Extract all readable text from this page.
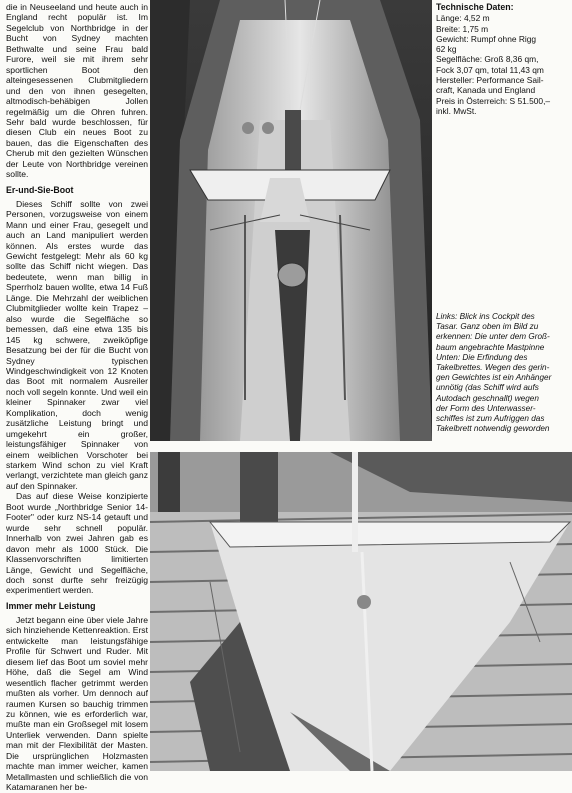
die in Neuseeland und heute auch in England recht populär ist. Im Segelclub von Northbridge in der Bucht von Sydney machten Bethwalte und seine Frau bald Furore, weil sie mit ihrem sehr sportlichen Boot den alteingesessenen Clubmitgliedern und den von ihnen gesegelten, altmodisch-behäbigen Jollen regelmäßig um die Ohren fuhren. Sehr bald wurde beschlossen, für diesen Club ein neues Boot zu bauen, das die Eigenschaften des Cherub mit den gezielten Wünschen der Leute von Northbridge vereinen sollte.

Er-und-Sie-Boot

Dieses Schiff sollte von zwei Personen, vorzugsweise von einem Mann und einer Frau, gesegelt und auch an Land manipuliert werden können. Als erstes wurde das Gewicht festgelegt: Mehr als 60 kg sollte das Schiff nicht wiegen. Das bedeutete, wenn man billig in Sperrholz bauen wollte, etwa 14 Fuß Länge. Die Mehrzahl der weiblichen Clubmitglieder wollte kein Trapez – also wurde die Segelfläche so bemessen, daß eine etwa 135 bis 145 kg schwere, zweiköpfige Besatzung bei der für die Bucht von Sydney typischen Windgeschwindigkeit von 12 Knoten das Boot mit normalem Ausreiler noch voll segeln konnte. Und weil ein kleiner Spinnaker zwar viel Komplikation, doch wenig zusätzliche Leistung bringt und umgekehrt ein großer, leistungsfähiger Spinnaker von einem weiblichen Vorschoter bei starkem Wind schon zu viel Kraft verlangt, verzichtete man gleich ganz auf den Spinnaker.

Das auf diese Weise konzipierte Boot wurde „Northbridge Senior 14-Footer" oder kurz NS-14 getauft und wurde sehr schnell populär. Innerhalb von zwei Jahren gab es davon mehr als 1000 Stück. Die Klassenvorschriften limitierten Länge, Gewicht und Segelfläche, doch sonst durfte sehr freizügig experimentiert werden.

Immer mehr Leistung

Jetzt begann eine über viele Jahre sich hinziehende Kettenreaktion. Erst entwickelte man leistungsfähige Profile für Schwert und Ruder. Mit diesem lief das Boot um soviel mehr Höhe, daß die Segel am Wind wesentlich flacher getrimmt werden mußten als vorher. Um dennoch auf raumen Kursen so bauchig trimmen zu können, wie es erforderlich war, mußte man ein Großsegel mit losem Unterliek verwenden. Dann spielte man mit der Flexibilität der Masten. Die ursprünglichen Holzmasten machte man immer weicher, kamen Metallmasten und schließlich die von Katamaranen her be-

Technische Daten:
Länge: 4,52 m
Breite: 1,75 m
Gewicht: Rumpf ohne Rigg
62 kg
Segelfläche: Groß 8,36 qm,
Fock 3,07 qm, total 11,43 qm
Hersteller: Performance Sail-
craft, Kanada und England
Preis in Österreich: S 51.500,–
inkl. MwSt.
Links: Blick ins Cockpit des
Tasar. Ganz oben im Bild zu
erkennen: Die unter dem Groß-
baum angebrachte Mastpinne
Unten: Die Erfindung des
Takelbrettes. Wegen des gerin-
gen Gewichtes ist ein Anhänger
unnötig (das Schiff wird aufs
Autodach geschnallt) wegen
der Form des Unterwasser-
schiffes ist zum Aufriggen das
Takelbrett notwendig geworden
